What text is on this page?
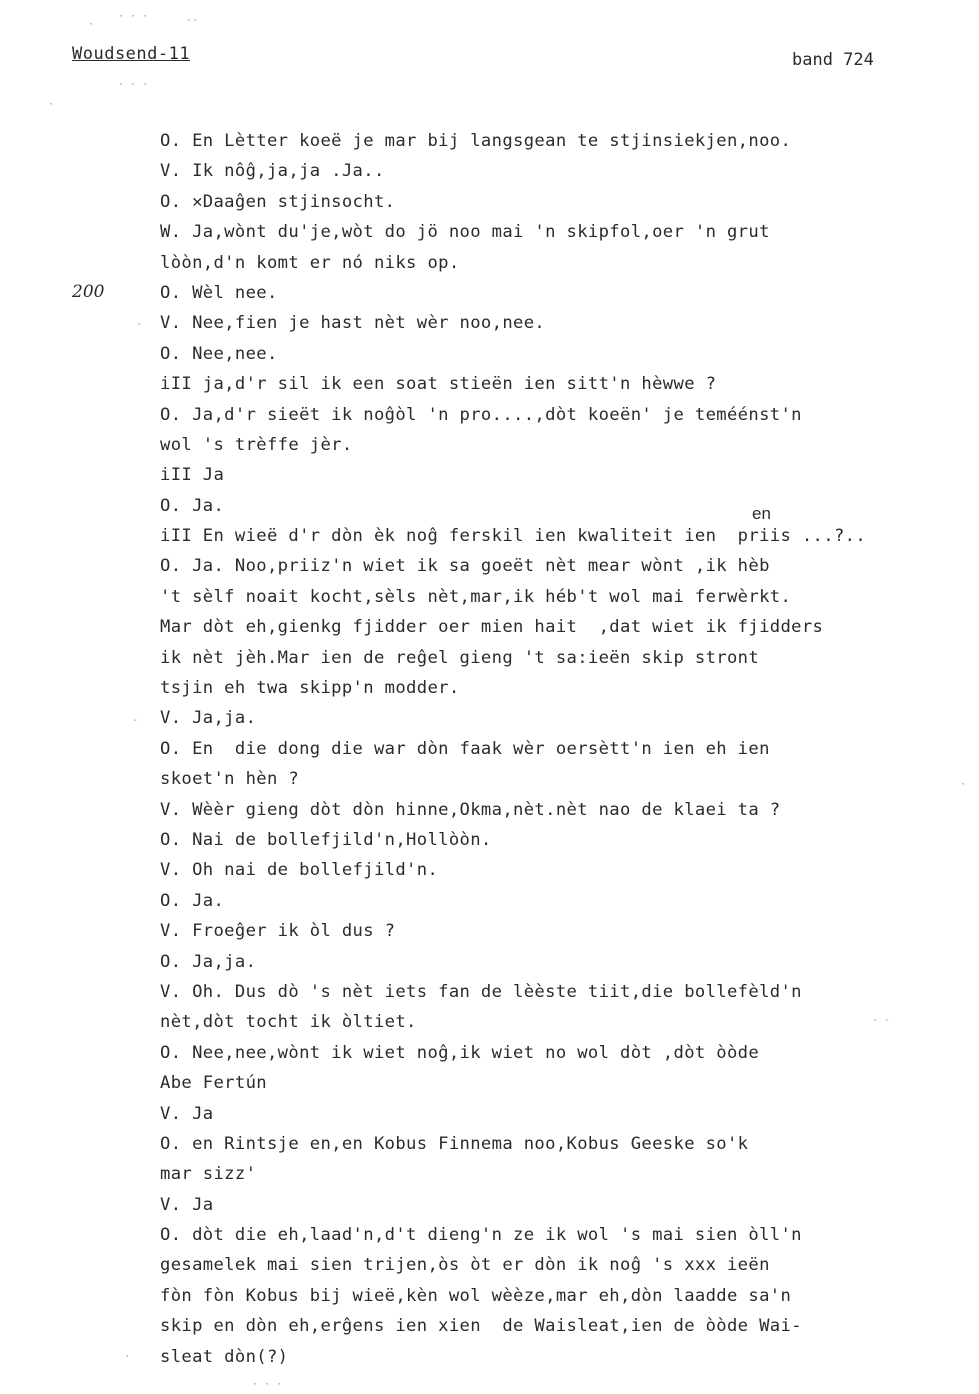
Woudsend-11	band 724
200
en
O. En Lètter koeë je mar bij langsgean te stjinsiekjen,noo.
V. Ik nôĝ,ja,ja .Ja..
O. ✕Daaĝen stjinsocht.
W. Ja,wònt du'je,wòt do jö noo mai 'n skipfol,oer 'n grut
lòòn,d'n komt er nó niks op.
O. Wèl nee.
V. Nee,fien je hast nèt wèr noo,nee.
O. Nee,nee.
iII ja,d'r sil ik een soat stieën ien sitt'n hèwwe ?
O. Ja,d'r sieët ik noĝòl 'n pro....,dòt koeën' je teméénst'n
wol 's trèffe jèr.
iII Ja
O. Ja.
iII En wieë d'r dòn èk noĝ ferskil ien kwaliteit ien  priis ...?..
O. Ja. Noo,priiz'n wiet ik sa goeët nèt mear wònt ,ik hèb
't sèlf noait kocht,sèls nèt,mar,ik héb't wol mai ferwèrkt.
Mar dòt eh,gienkg fjidder oer mien hait  ,dat wiet ik fjidders
ik nèt jèh.Mar ien de reĝel gieng 't sa:ieën skip stront
tsjin eh twa skipp'n modder.
V. Ja,ja.
O. En  die dong die war dòn faak wèr oersètt'n ien eh ien
skoet'n hèn ?
V. Wèèr gieng dòt dòn hinne,Okma,nèt.nèt nao de klaei ta ?
O. Nai de bollefjild'n,Hollòòn.
V. Oh nai de bollefjild'n.
O. Ja.
V. Froeĝer ik òl dus ?
O. Ja,ja.
V. Oh. Dus dò 's nèt iets fan de lèèste tiit,die bollefèld'n
nèt,dòt tocht ik òltiet.
O. Nee,nee,wònt ik wiet noĝ,ik wiet no wol dòt ,dòt òòde
Abe Fertún
V. Ja
O. en Rintsje en,en Kobus Finnema noo,Kobus Geeske so'k
mar sizz'
V. Ja
O. dòt die eh,laad'n,d't dieng'n ze ik wol 's mai sien òll'n
gesamelek mai sien trijen,òs òt er dòn ik noĝ 's xxx ieën
fòn fòn Kobus bij wieë,kèn wol wèèze,mar eh,dòn laadde sa'n
skip en dòn eh,erĝens ien xien  de Waisleat,ien de òòde Wai-
sleat dòn(?)
· · ·
·	··
· · ·
·
·
-
·
- -
·
· · ·
